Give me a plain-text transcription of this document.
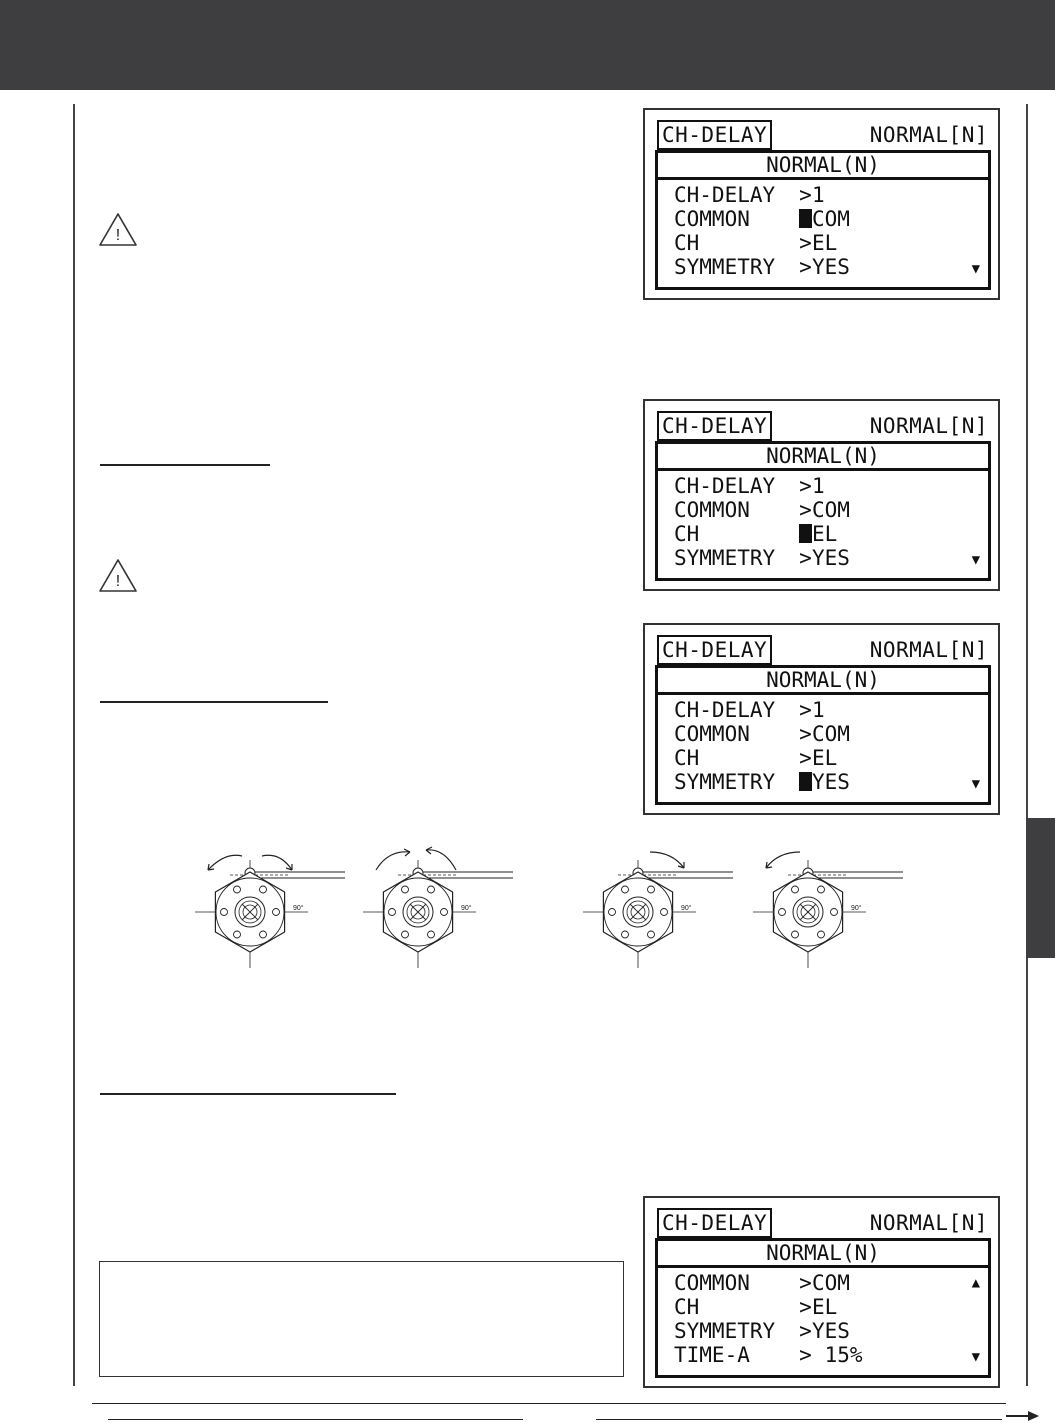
!
!
CH-DELAY	NORMAL[N]
NORMAL(N)
CH-DELAY >1
COMMON	COM
CH	>EL
SYMMETRY >YES	▼
CH-DELAY	NORMAL[N]
NORMAL(N)
CH-DELAY >1
COMMON >COM
CH	EL
SYMMETRY >YES	▼
CH-DELAY	NORMAL[N]
NORMAL(N)
CH-DELAY >1
COMMON >COM
CH	>EL
SYMMETRY YES	▼
CH-DELAY	NORMAL[N]
NORMAL(N)
COMMON >COM
CH	>EL
SYMMETRY >YES
TIME-A > 15%
▲
▼
90°	90°	90°	90°
